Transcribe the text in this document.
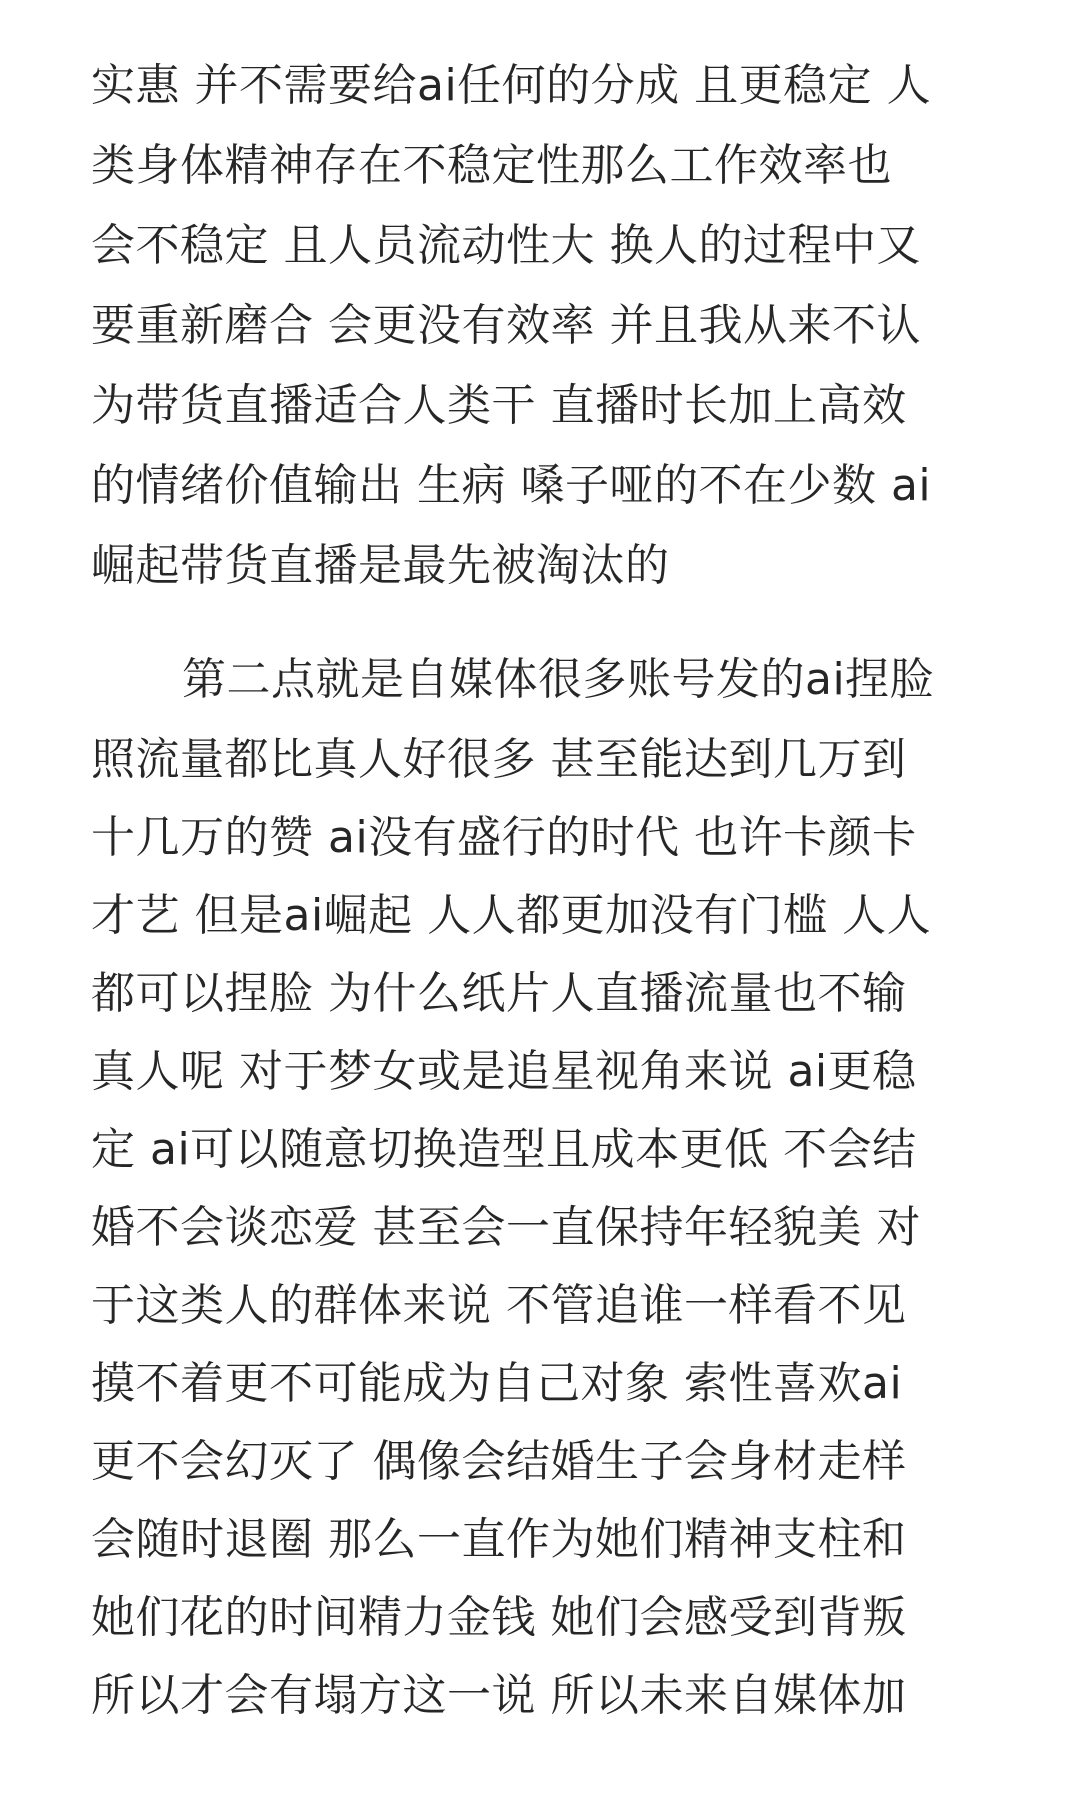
实惠 并不需要给ai任何的分成 且更稳定 人
类身体精神存在不稳定性那么工作效率也
会不稳定 且人员流动性大 换人的过程中又
要重新磨合 会更没有效率 并且我从来不认
为带货直播适合人类干 直播时长加上高效
的情绪价值输出 生病 嗓子哑的不在少数 ai
崛起带货直播是最先被淘汰的
第二点就是自媒体很多账号发的ai捏脸
照流量都比真人好很多 甚至能达到几万到
十几万的赞 ai没有盛行的时代 也许卡颜卡
才艺 但是ai崛起 人人都更加没有门槛 人人
都可以捏脸 为什么纸片人直播流量也不输
真人呢 对于梦女或是追星视角来说 ai更稳
定 ai可以随意切换造型且成本更低 不会结
婚不会谈恋爱 甚至会一直保持年轻貌美 对
于这类人的群体来说 不管追谁一样看不见
摸不着更不可能成为自己对象 索性喜欢ai
更不会幻灭了 偶像会结婚生子会身材走样
会随时退圈 那么一直作为她们精神支柱和
她们花的时间精力金钱 她们会感受到背叛
所以才会有塌方这一说 所以未来自媒体加
